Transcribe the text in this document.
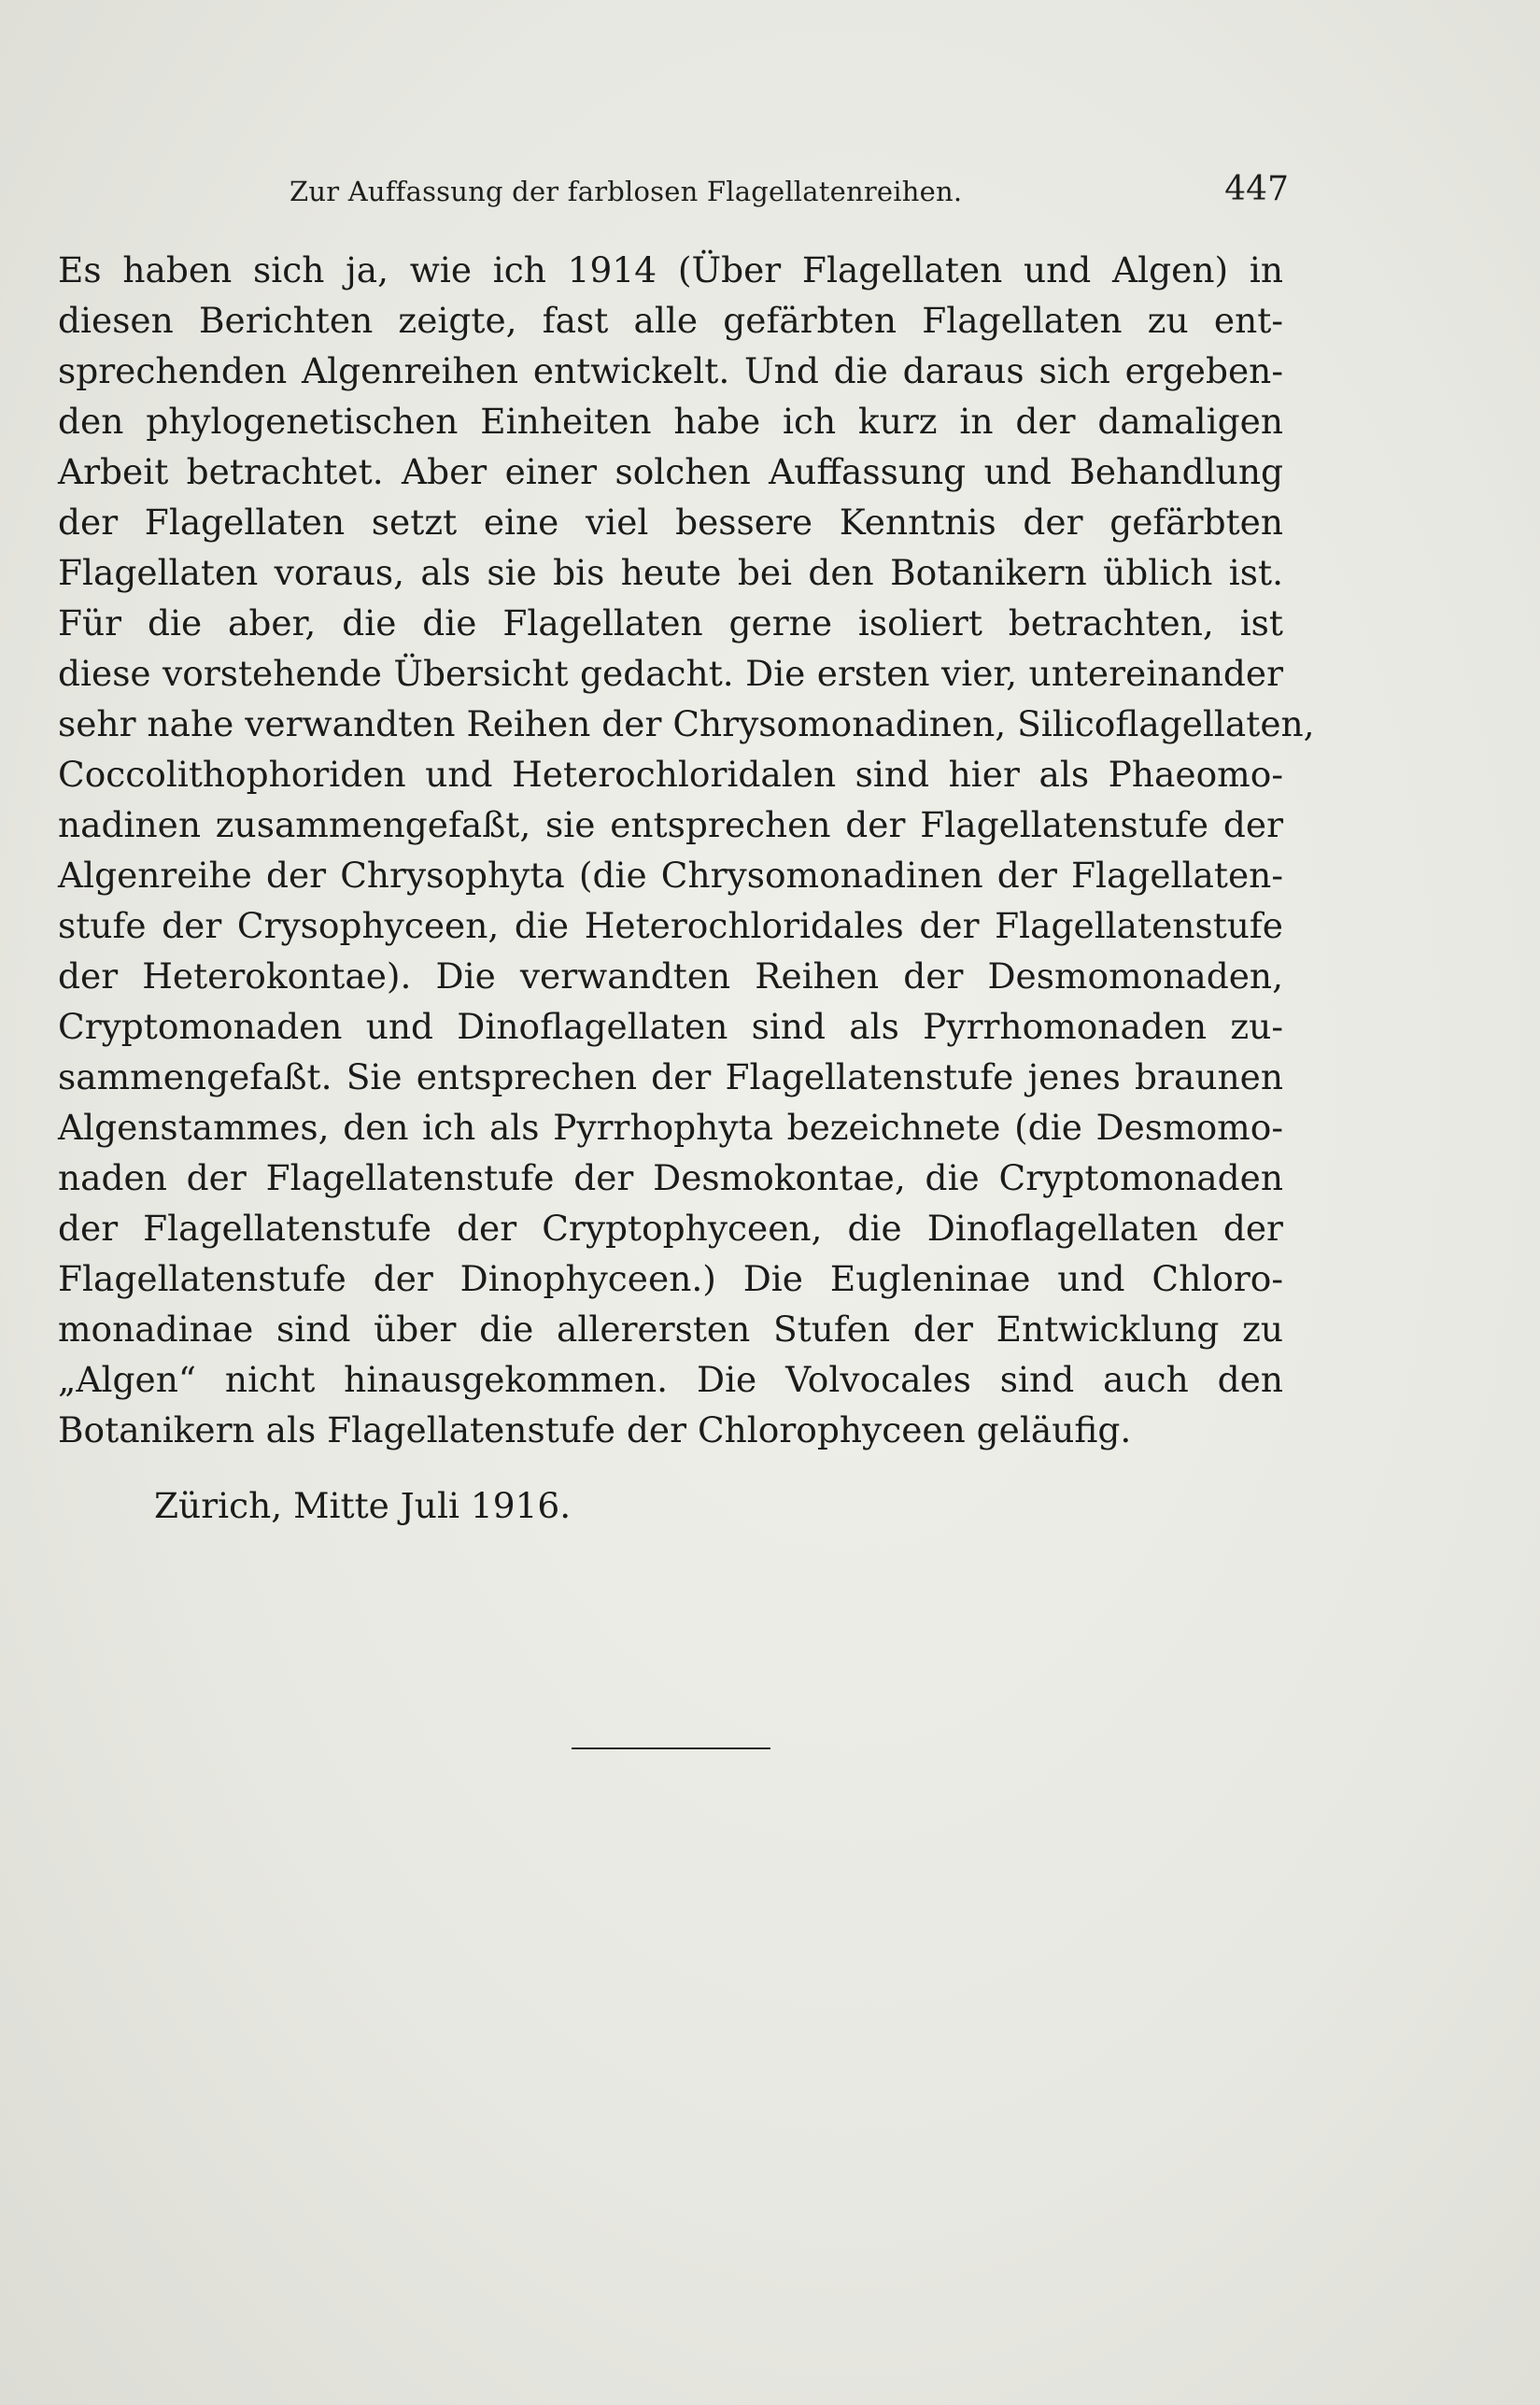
Zur Auffassung der farblosen Flagellatenreihen.	447
Es haben sich ja, wie ich 1914 (Über Flagellaten und Algen) in
diesen Berichten zeigte, fast alle gefärbten Flagellaten zu ent-
sprechenden Algenreihen entwickelt. Und die daraus sich ergeben-
den phylogenetischen Einheiten habe ich kurz in der damaligen
Arbeit betrachtet. Aber einer solchen Auffassung und Behandlung
der Flagellaten setzt eine viel bessere Kenntnis der gefärbten
Flagellaten voraus, als sie bis heute bei den Botanikern üblich ist.
Für die aber, die die Flagellaten gerne isoliert betrachten, ist
diese vorstehende Übersicht gedacht. Die ersten vier, untereinander
sehr nahe verwandten Reihen der Chrysomonadinen, Silicoflagellaten,
Coccolithophoriden und Heterochloridalen sind hier als Phaeomo-
nadinen zusammengefaßt, sie entsprechen der Flagellatenstufe der
Algenreihe der Chrysophyta (die Chrysomonadinen der Flagellaten-
stufe der Crysophyceen, die Heterochloridales der Flagellatenstufe
der Heterokontae). Die verwandten Reihen der Desmomonaden,
Cryptomonaden und Dinoflagellaten sind als Pyrrhomonaden zu-
sammengefaßt. Sie entsprechen der Flagellatenstufe jenes braunen
Algenstammes, den ich als Pyrrhophyta bezeichnete (die Desmomo-
naden der Flagellatenstufe der Desmokontae, die Cryptomonaden
der Flagellatenstufe der Cryptophyceen, die Dinoflagellaten der
Flagellatenstufe der Dinophyceen.) Die Eugleninae und Chloro-
monadinae sind über die allerersten Stufen der Entwicklung zu
„Algen“ nicht hinausgekommen. Die Volvocales sind auch den
Botanikern als Flagellatenstufe der Chlorophyceen geläufig.
Zürich, Mitte Juli 1916.
